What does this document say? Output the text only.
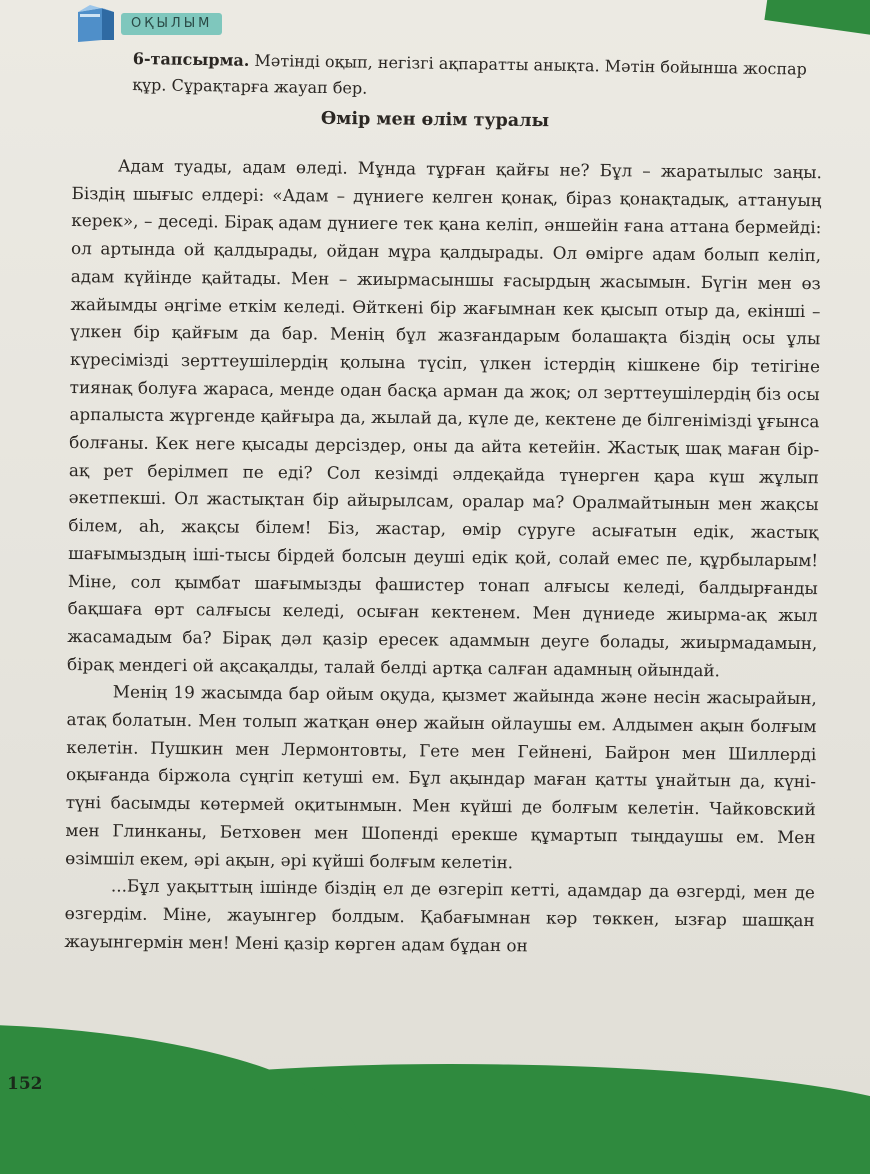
ОҚЫЛЫМ
6-тапсырма. Мәтінді оқып, негізгі ақпаратты анықта. Мәтін бойынша жоспар құр. Сұрақтарға жауап бер.
Өмір мен өлім туралы

Адам туады, адам өледі. Мұнда тұрған қайғы не? Бұл – жаратылыс заңы. Біздің шығыс елдері: «Адам – дүниеге келген қонақ, біраз қонақтадық, аттануың керек», – деседі. Бірақ адам дүниеге тек қана келіп, әншейін ғана аттана бермейді: ол артында ой қалдырады, ойдан мұра қалдырады. Ол өмірге адам болып келіп, адам күйінде қайтады. Мен – жиырмасыншы ғасырдың жасымын. Бүгін мен өз жайымды әңгіме еткім келеді. Өйткені бір жағымнан кек қысып отыр да, екінші – үлкен бір қайғым да бар. Менің бұл жазғандарым болашақта біздің осы ұлы күресімізді зерттеушілердің қолына түсіп, үлкен істердің кішкене бір тетігіне тиянақ болуға жараса, менде одан басқа арман да жоқ; ол зерттеушілердің біз осы арпалыста жүргенде қайғыра да, жылай да, күле де, кектене де білгенімізді ұғынса болғаны. Кек неге қысады дерсіздер, оны да айта кетейін. Жастық шақ маған бір-ақ рет берілмеп пе еді? Сол кезімді әлдеқайда түнерген қара күш жұлып әкетпекші. Ол жастықтан бір айырылсам, оралар ма? Оралмайтынын мен жақсы білем, аһ, жақсы білем! Біз, жастар, өмір сүруге асығатын едік, жастық шағымыздың іші-тысы бірдей болсын деуші едік қой, солай емес пе, құрбыларым! Міне, сол қымбат шағымызды фашистер тонап алғысы келеді, балдырғанды бақшаға өрт салғысы келеді, осыған кектенем. Мен дүниеде жиырма-ақ жыл жасамадым ба? Бірақ дәл қазір ересек адаммын деуге болады, жиырмадамын, бірақ мендегі ой ақсақалды, талай белді артқа салған адамның ойындай.

Менің 19 жасымда бар ойым оқуда, қызмет жайында және несін жасырайын, атақ болатын. Мен толып жатқан өнер жайын ойлаушы ем. Алдымен ақын болғым келетін. Пушкин мен Лермонтовты, Гете мен Гейнені, Байрон мен Шиллерді оқығанда біржола сүңгіп кетуші ем. Бұл ақындар маған қатты ұнайтын да, күні-түні басымды көтермей оқитынмын. Мен күйші де болғым келетін. Чайковский мен Глинканы, Бетховен мен Шопенді ерекше құмартып тыңдаушы ем. Мен өзімшіл екем, әрі ақын, әрі күйші болғым келетін.

...Бұл уақыттың ішінде біздің ел де өзгеріп кетті, адамдар да өзгерді, мен де өзгердім. Міне, жауынгер болдым. Қабағымнан кәр төккен, ызғар шашқан жауынгермін мен! Мені қазір көрген адам бұдан он

152
